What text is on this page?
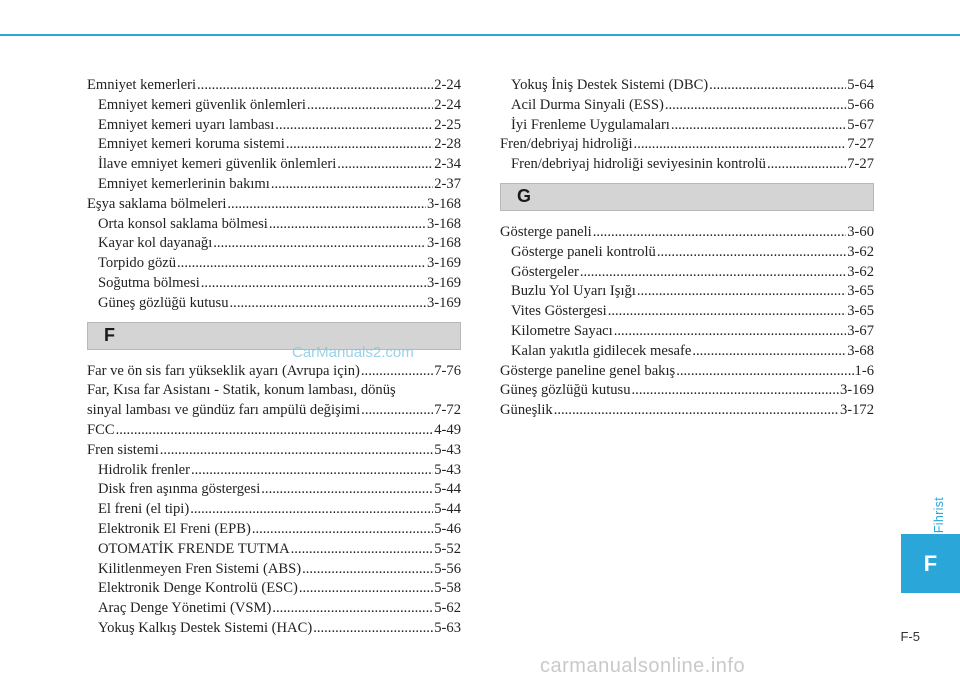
Emniyet kemerleri .....	2-24
Emniyet kemeri güvenlik önlemleri .....	2-24
Emniyet kemeri uyarı lambası .....	2-25
Emniyet kemeri koruma sistemi .....	2-28
İlave emniyet kemeri güvenlik önlemleri .....	2-34
Emniyet kemerlerinin bakımı .....	2-37
Eşya saklama bölmeleri .....	3-168
Orta konsol saklama bölmesi .....	3-168
Kayar kol dayanağı .....	3-168
Torpido gözü .....	3-169
Soğutma bölmesi .....	3-169
Güneş gözlüğü kutusu .....	3-169
F
Far ve ön sis farı yükseklik ayarı (Avrupa için) .....	7-76
Far, Kısa far Asistanı - Statik, konum lambası, dönüş
sinyal lambası ve gündüz farı ampülü değişimi .....	7-72
FCC .....	4-49
Fren sistemi .....	5-43
Hidrolik frenler .....	5-43
Disk fren aşınma göstergesi .....	5-44
El freni (el tipi) .....	5-44
Elektronik El Freni (EPB) .....	5-46
OTOMATİK FRENDE TUTMA .....	5-52
Kilitlenmeyen Fren Sistemi (ABS) .....	5-56
Elektronik Denge Kontrolü (ESC) .....	5-58
Araç Denge Yönetimi (VSM) .....	5-62
Yokuş Kalkış Destek Sistemi (HAC) .....	5-63
Yokuş İniş Destek Sistemi (DBC) .....	5-64
Acil Durma Sinyali (ESS) .....	5-66
İyi Frenleme Uygulamaları .....	5-67
Fren/debriyaj hidroliği .....	7-27
Fren/debriyaj hidroliği seviyesinin kontrolü .....	7-27
G
Gösterge paneli .....	3-60
Gösterge paneli kontrolü .....	3-62
Göstergeler .....	3-62
Buzlu Yol Uyarı Işığı .....	3-65
Vites Göstergesi .....	3-65
Kilometre Sayacı .....	3-67
Kalan yakıtla gidilecek mesafe .....	3-68
Gösterge paneline genel bakış .....	1-6
Güneş gözlüğü kutusu .....	3-169
Güneşlik .....	3-172
CarManuals2.com
Fihrist
F
F-5
carmanualsonline.info
